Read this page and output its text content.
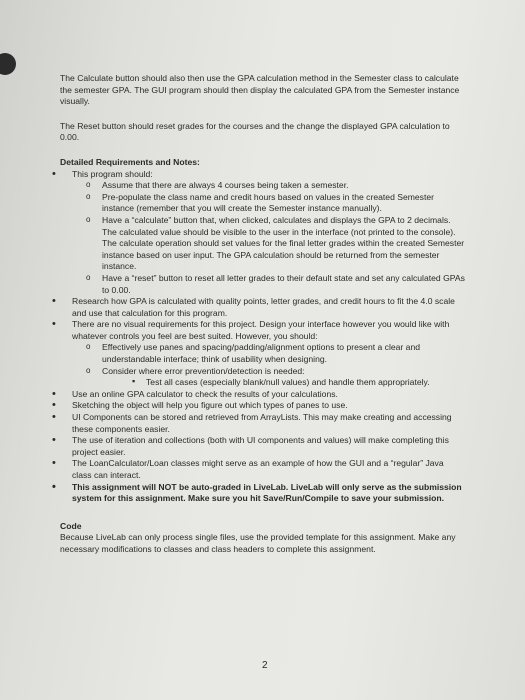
The Calculate button should also then use the GPA calculation method in the Semester class to calculate the semester GPA. The GUI program should then display the calculated GPA from the Semester instance visually.

The Reset button should reset grades for the courses and the change the displayed GPA calculation to 0.00.

Detailed Requirements and Notes:

• This program should:
o Assume that there are always 4 courses being taken a semester.
o Pre-populate the class name and credit hours based on values in the created Semester instance (remember that you will create the Semester instance manually).
o Have a “calculate” button that, when clicked, calculates and displays the GPA to 2 decimals. The calculated value should be visible to the user in the interface (not printed to the console). The calculate operation should set values for the final letter grades within the created Semester instance based on user input. The GPA calculation should be returned from the semester instance.
o Have a “reset” button to reset all letter grades to their default state and set any calculated GPAs to 0.00.
• Research how GPA is calculated with quality points, letter grades, and credit hours to fit the 4.0 scale and use that calculation for this program.
• There are no visual requirements for this project. Design your interface however you would like with whatever controls you feel are best suited. However, you should:
o Effectively use panes and spacing/padding/alignment options to present a clear and understandable interface; think of usability when designing.
o Consider where error prevention/detection is needed:
▪ Test all cases (especially blank/null values) and handle them appropriately.
• Use an online GPA calculator to check the results of your calculations.
• Sketching the object will help you figure out which types of panes to use.
• UI Components can be stored and retrieved from ArrayLists. This may make creating and accessing these components easier.
• The use of iteration and collections (both with UI components and values) will make completing this project easier.
• The LoanCalculator/Loan classes might serve as an example of how the GUI and a “regular” Java class can interact.
• This assignment will NOT be auto-graded in LiveLab. LiveLab will only serve as the submission system for this assignment. Make sure you hit Save/Run/Compile to save your submission.

Code

Because LiveLab can only process single files, use the provided template for this assignment. Make any necessary modifications to classes and class headers to complete this assignment.

2
